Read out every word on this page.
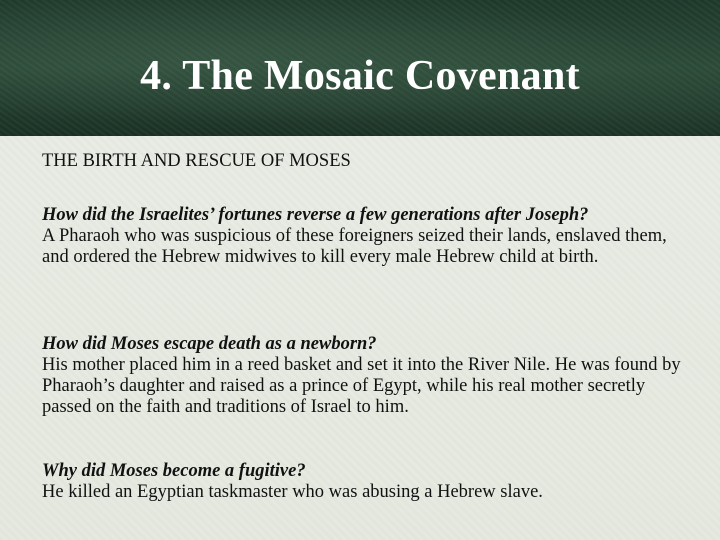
4. The Mosaic Covenant
THE BIRTH AND RESCUE OF MOSES
How did the Israelites’ fortunes reverse a few generations after Joseph?
A Pharaoh who was suspicious of these foreigners seized their lands, enslaved them, and ordered the Hebrew midwives to kill every male Hebrew child at birth.
How did Moses escape death as a newborn?
His mother placed him in a reed basket and set it into the River Nile. He was found by Pharaoh’s daughter and raised as a prince of Egypt, while his real mother secretly passed on the faith and traditions of Israel to him.
Why did Moses become a fugitive?
He killed an Egyptian taskmaster who was abusing a Hebrew slave.
